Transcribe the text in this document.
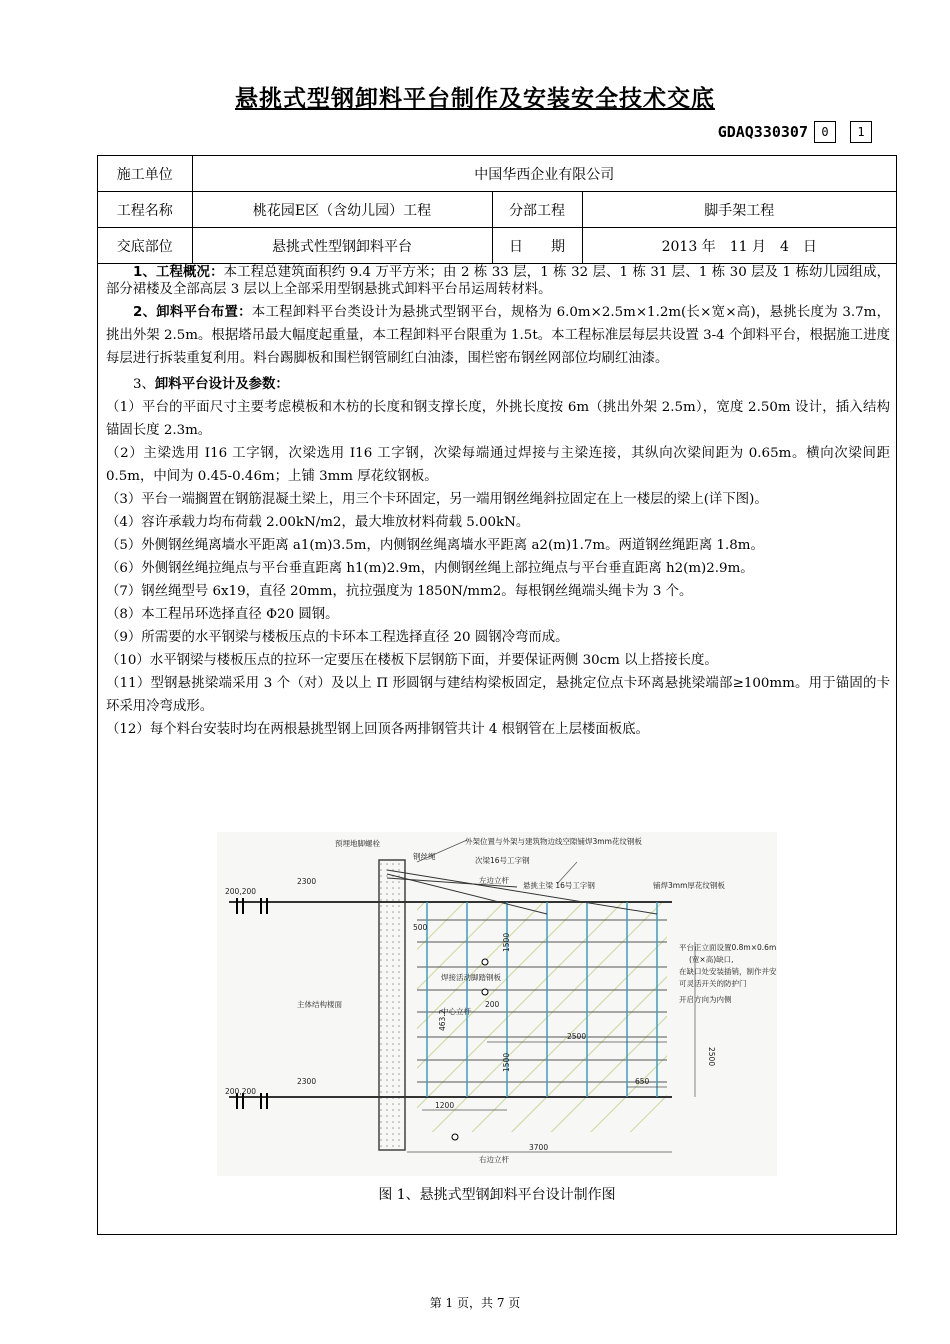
悬挑式型钢卸料平台制作及安装安全技术交底
GDAQ330307	0	1
施工单位	中国华西企业有限公司		
工程名称	桃花园E区（含幼儿园）工程	分部工程	脚手架工程
交底部位	悬挑式性型钢卸料平台	日　　期	2013 年　11 月　4　日

1、工程概况：本工程总建筑面积约 9.4 万平方米；由 2 栋 33 层，1 栋 32 层、1 栋 31 层、1 栋 30 层及 1 栋幼儿园组成，部分裙楼及全部高层 3 层以上全部采用型钢悬挑式卸料平台吊运周转材料。

2、卸料平台布置：本工程卸料平台类设计为悬挑式型钢平台，规格为 6.0m×2.5m×1.2m(长×宽×高)，悬挑长度为 3.7m，挑出外架 2.5m。根据塔吊最大幅度起重量，本工程卸料平台限重为 1.5t。本工程标准层每层共设置 3-4 个卸料平台，根据施工进度每层进行拆装重复利用。料台踢脚板和围栏钢管刷红白油漆，围栏密布钢丝网部位均刷红油漆。

3、卸料平台设计及参数：

（1）平台的平面尺寸主要考虑模板和木枋的长度和钢支撑长度，外挑长度按 6m（挑出外架 2.5m），宽度 2.50m 设计，插入结构锚固长度 2.3m。

（2）主梁选用 I16 工字钢，次梁选用 I16 工字钢，次梁每端通过焊接与主梁连接，其纵向次梁间距为 0.65m。横向次梁间距 0.5m，中间为 0.45-0.46m；上铺 3mm 厚花纹钢板。

（3）平台一端搁置在钢筋混凝土梁上，用三个卡环固定，另一端用钢丝绳斜拉固定在上一楼层的梁上(详下图)。

（4）容许承载力均布荷载 2.00kN/m2，最大堆放材料荷载 5.00kN。

（5）外侧钢丝绳离墙水平距离 a1(m)3.5m，内侧钢丝绳离墙水平距离 a2(m)1.7m。两道钢丝绳距离 1.8m。

（6）外侧钢丝绳拉绳点与平台垂直距离 h1(m)2.9m，内侧钢丝绳上部拉绳点与平台垂直距离 h2(m)2.9m。

（7）钢丝绳型号 6x19，直径 20mm，抗拉强度为 1850N/mm2。每根钢丝绳端头绳卡为 3 个。

（8）本工程吊环选择直径 Φ20 圆钢。

（9）所需要的水平钢梁与楼板压点的卡环本工程选择直径 20 圆钢冷弯而成。

（10）水平钢梁与楼板压点的拉环一定要压在楼板下层钢筋下面，并要保证两侧 30cm 以上搭接长度。

（11）型钢悬挑梁端采用 3 个（对）及以上 Π 形圆钢与建结构梁板固定，悬挑定位点卡环离悬挑梁端部≥100mm。用于锚固的卡环采用冷弯成形。

（12）每个料台安装时均在两根悬挑型钢上回顶各两排钢管共计 4 根钢管在上层楼面板底。

预埋地脚螺栓
钢丝绳
外架位置与外架与建筑物边线空隙铺焊3mm花纹钢板
次梁16号工字钢
左边立杆
悬挑主梁 16号工字钢	铺焊3mm厚花纹钢板
主体结构楼面
焊接活动脚踏钢板
中心立杆
右边立杆
平台正立面设置0.8m×0.6m
(宽×高)缺口,
在缺口处安装插销，制作并安装
可灵活开关的防护门
开启方向为内侧
2300
2300
200,200
200,200
500
463.2
200
1500
1500
2500
2500
650
1200
3700
图 1、悬挑式型钢卸料平台设计制作图
第 1 页，共 7 页
